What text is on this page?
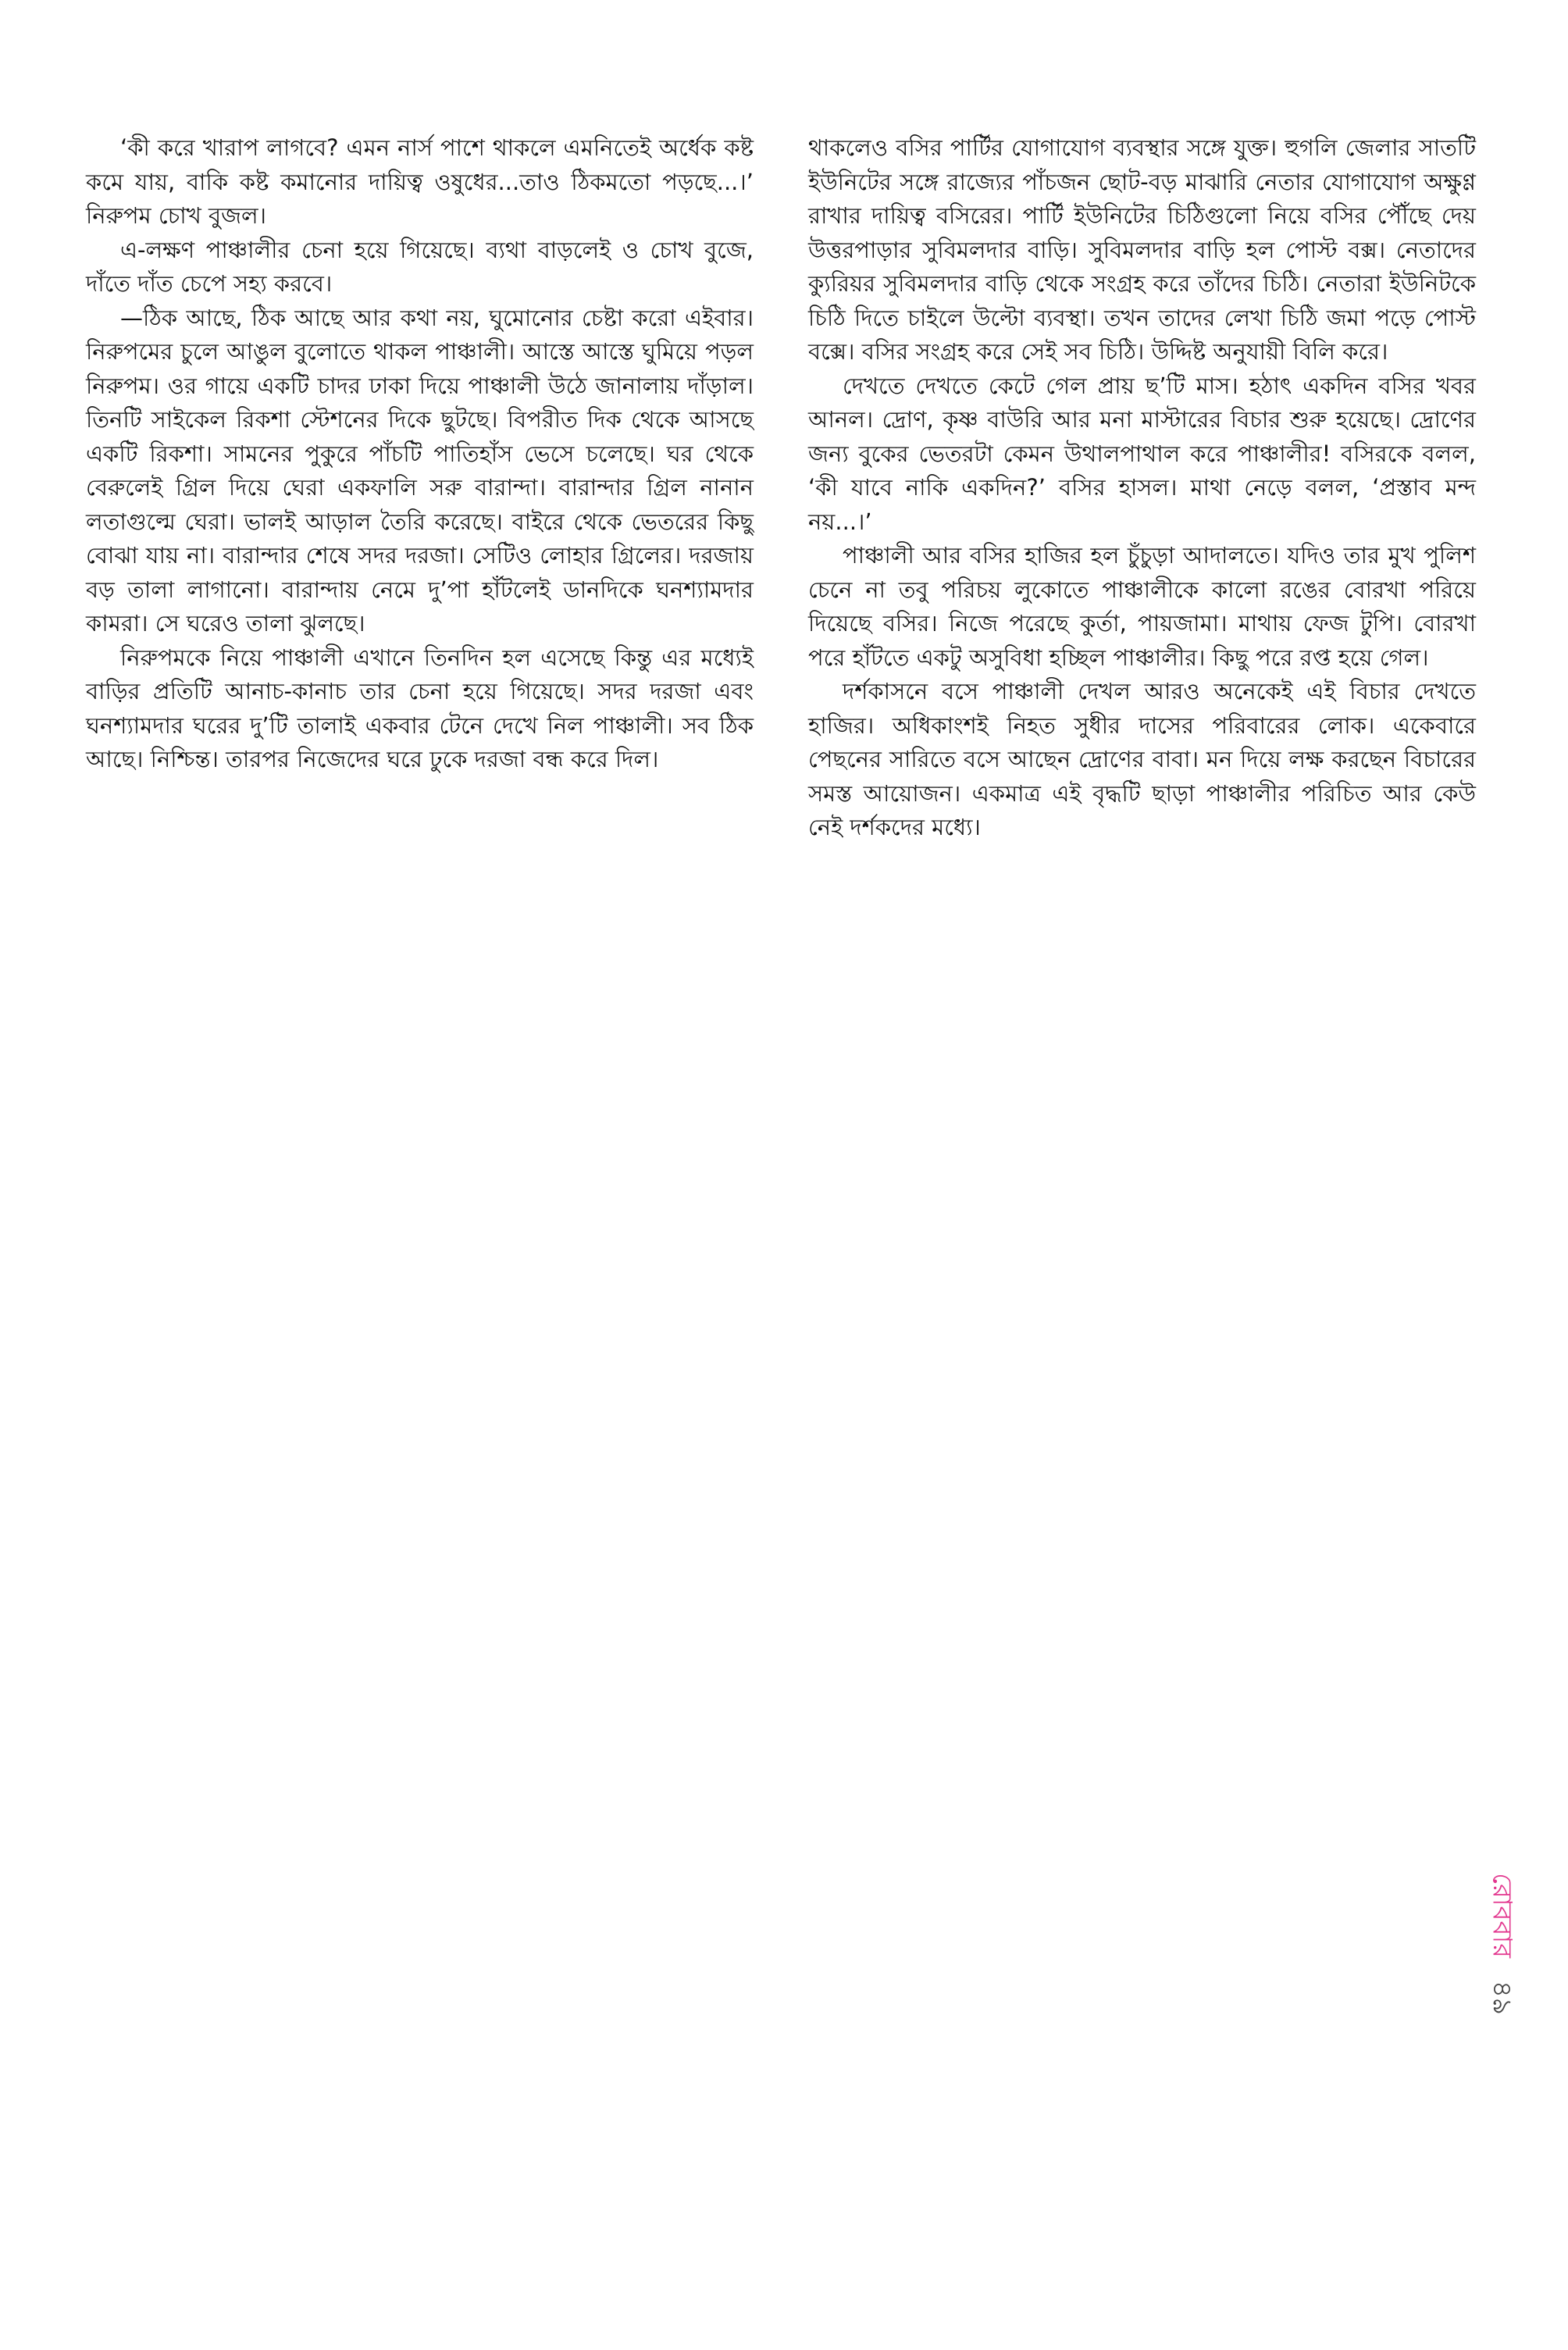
‘কী করে খারাপ লাগবে? এমন নার্স পাশে থাকলে এমনিতেই অর্ধেক কষ্ট কমে যায়, বাকি কষ্ট কমানোর দায়িত্ব ওষুধের...তাও ঠিকমতো পড়ছে...।’ নিরুপম চোখ বুজল।

এ-লক্ষণ পাঞ্চালীর চেনা হয়ে গিয়েছে। ব্যথা বাড়লেই ও চোখ বুজে, দাঁতে দাঁত চেপে সহ্য করবে।

—ঠিক আছে, ঠিক আছে আর কথা নয়, ঘুমোনোর চেষ্টা করো এইবার। নিরুপমের চুলে আঙুল বুলোতে থাকল পাঞ্চালী। আস্তে আস্তে ঘুমিয়ে পড়ল নিরুপম। ওর গায়ে একটি চাদর ঢাকা দিয়ে পাঞ্চালী উঠে জানালায় দাঁড়াল। তিনটি সাইকেল রিকশা স্টেশনের দিকে ছুটছে। বিপরীত দিক থেকে আসছে একটি রিকশা। সামনের পুকুরে পাঁচটি পাতিহাঁস ভেসে চলেছে। ঘর থেকে বেরুলেই গ্রিল দিয়ে ঘেরা একফালি সরু বারান্দা। বারান্দার গ্রিল নানান লতাগুল্মে ঘেরা। ভালই আড়াল তৈরি করেছে। বাইরে থেকে ভেতরের কিছু বোঝা যায় না। বারান্দার শেষে সদর দরজা। সেটিও লোহার গ্রিলের। দরজায় বড় তালা লাগানো। বারান্দায় নেমে দু’পা হাঁটলেই ডানদিকে ঘনশ্যামদার কামরা। সে ঘরেও তালা ঝুলছে।

নিরুপমকে নিয়ে পাঞ্চালী এখানে তিনদিন হল এসেছে কিন্তু এর মধ্যেই বাড়ির প্রতিটি আনাচ-কানাচ তার চেনা হয়ে গিয়েছে। সদর দরজা এবং ঘনশ্যামদার ঘরের দু’টি তালাই একবার টেনে দেখে নিল পাঞ্চালী। সব ঠিক আছে। নিশ্চিন্ত। তারপর নিজেদের ঘরে ঢুকে দরজা বন্ধ করে দিল।

থাকলেও বসির পার্টির যোগাযোগ ব্যবস্থার সঙ্গে যুক্ত। হুগলি জেলার সাতটি ইউনিটের সঙ্গে রাজ্যের পাঁচজন ছোট-বড় মাঝারি নেতার যোগাযোগ অক্ষুণ্ণ রাখার দায়িত্ব বসিরের। পার্টি ইউনিটের চিঠিগুলো নিয়ে বসির পৌঁছে দেয় উত্তরপাড়ার সুবিমলদার বাড়ি। সুবিমলদার বাড়ি হল পোস্ট বক্স। নেতাদের ক্যুরিয়র সুবিমলদার বাড়ি থেকে সংগ্রহ করে তাঁদের চিঠি। নেতারা ইউনিটকে চিঠি দিতে চাইলে উল্টো ব্যবস্থা। তখন তাদের লেখা চিঠি জমা পড়ে পোস্ট বক্সে। বসির সংগ্রহ করে সেই সব চিঠি। উদ্দিষ্ট অনুযায়ী বিলি করে।

দেখতে দেখতে কেটে গেল প্রায় ছ’টি মাস। হঠাৎ একদিন বসির খবর আনল। দ্রোণ, কৃষ্ণ বাউরি আর মনা মাস্টারের বিচার শুরু হয়েছে। দ্রোণের জন্য বুকের ভেতরটা কেমন উথালপাথাল করে পাঞ্চালীর! বসিরকে বলল, ‘কী যাবে নাকি একদিন?’ বসির হাসল। মাথা নেড়ে বলল, ‘প্রস্তাব মন্দ নয়...।’

পাঞ্চালী আর বসির হাজির হল চুঁচুড়া আদালতে। যদিও তার মুখ পুলিশ চেনে না তবু পরিচয় লুকোতে পাঞ্চালীকে কালো রঙের বোরখা পরিয়ে দিয়েছে বসির। নিজে পরেছে কুর্তা, পায়জামা। মাথায় ফেজ টুপি। বোরখা পরে হাঁটতে একটু অসুবিধা হচ্ছিল পাঞ্চালীর। কিছু পরে রপ্ত হয়ে গেল।

দর্শকাসনে বসে পাঞ্চালী দেখল আরও অনেকেই এই বিচার দেখতে হাজির। অধিকাংশই নিহত সুধীর দাসের পরিবারের লোক। একেবারে পেছনের সারিতে বসে আছেন দ্রোণের বাবা। মন দিয়ে লক্ষ করছেন বিচারের সমস্ত আয়োজন। একমাত্র এই বৃদ্ধটি ছাড়া পাঞ্চালীর পরিচিত আর কেউ নেই দর্শকদের মধ্যে।

রোববার ৪৯
